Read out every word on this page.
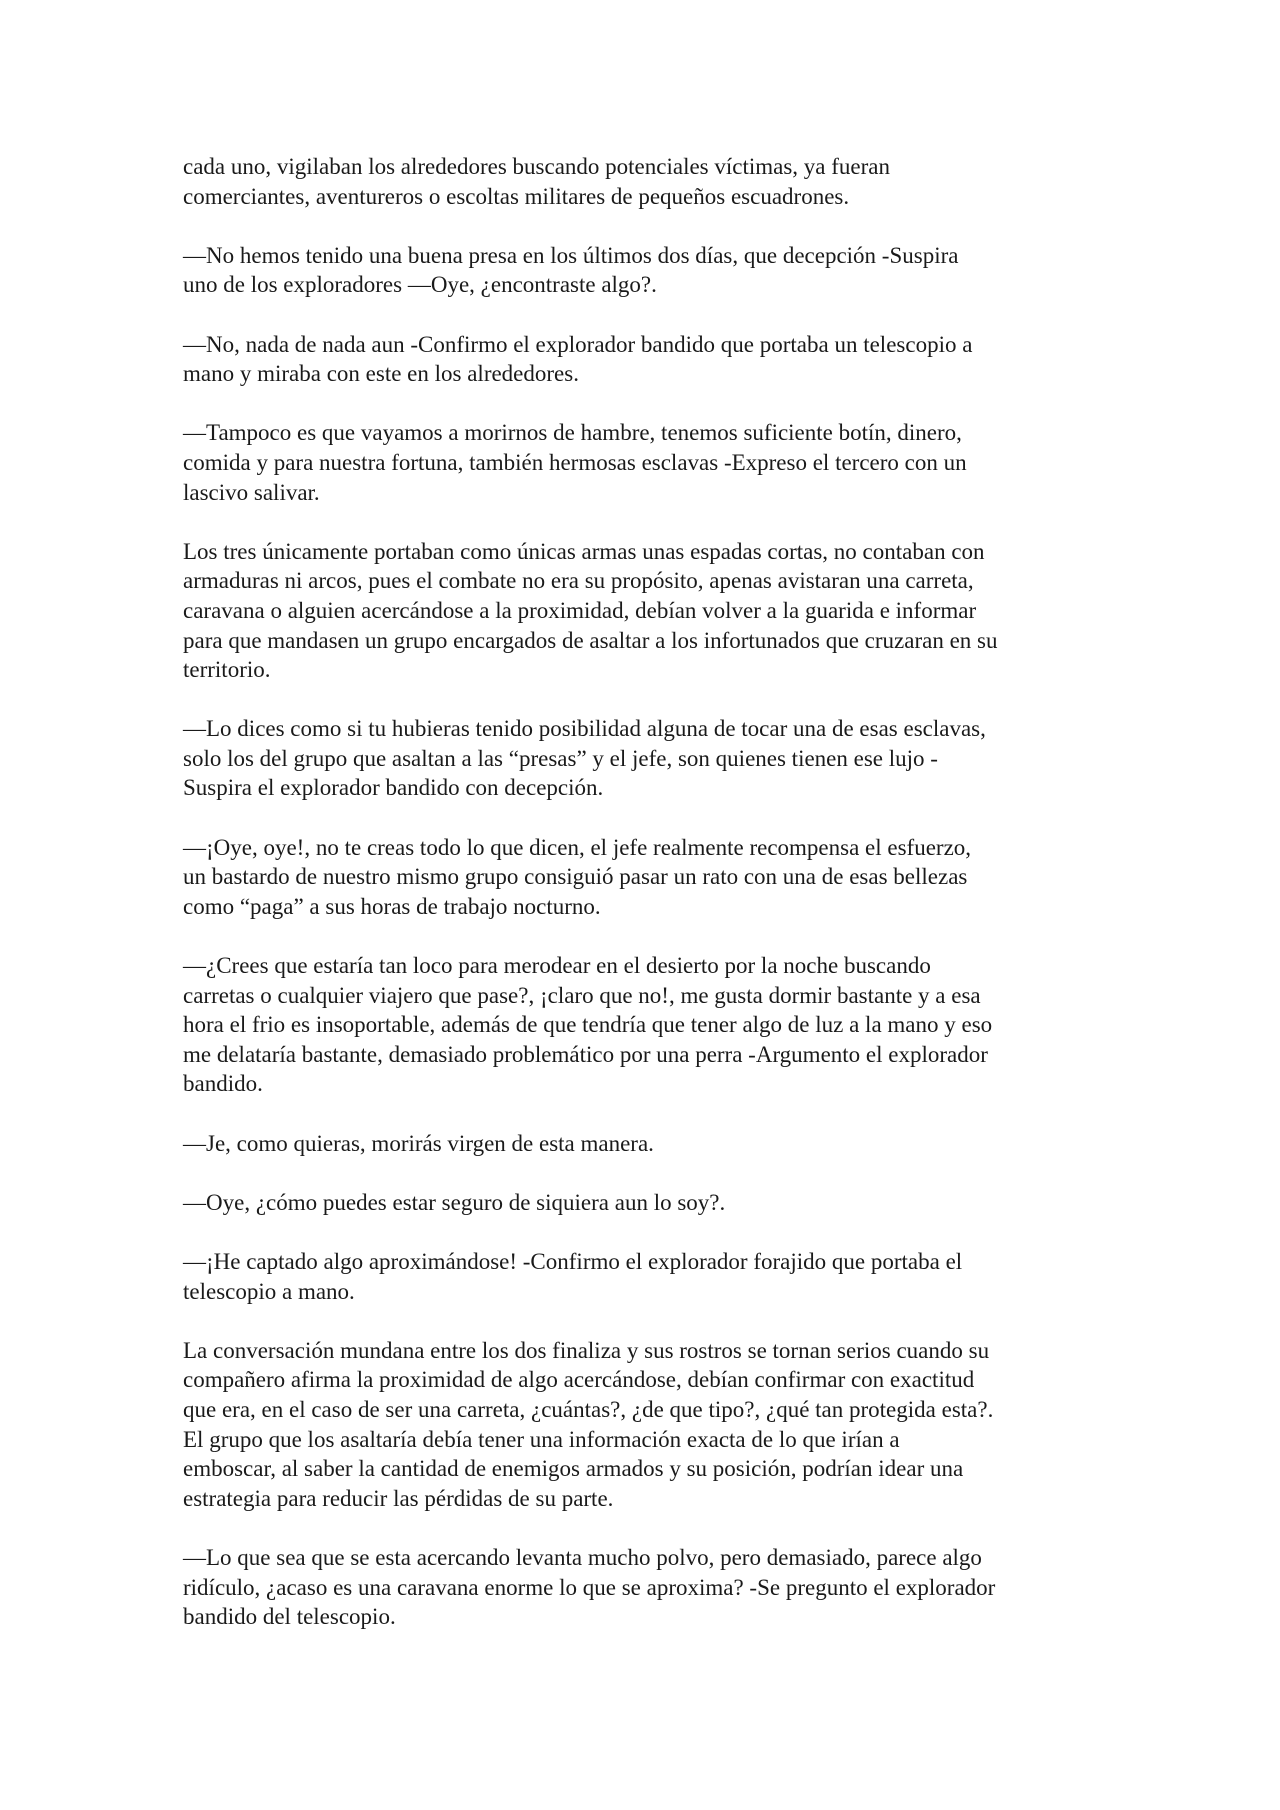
cada uno, vigilaban los alrededores buscando potenciales víctimas, ya fueran
comerciantes, aventureros o escoltas militares de pequeños escuadrones.

—No hemos tenido una buena presa en los últimos dos días, que decepción -Suspira
uno de los exploradores —Oye, ¿encontraste algo?.

—No, nada de nada aun -Confirmo el explorador bandido que portaba un telescopio a
mano y miraba con este en los alrededores.

—Tampoco es que vayamos a morirnos de hambre, tenemos suficiente botín, dinero,
comida y para nuestra fortuna, también hermosas esclavas -Expreso el tercero con un
lascivo salivar.

Los tres únicamente portaban como únicas armas unas espadas cortas, no contaban con
armaduras ni arcos, pues el combate no era su propósito, apenas avistaran una carreta,
caravana o alguien acercándose a la proximidad, debían volver a la guarida e informar
para que mandasen un grupo encargados de asaltar a los infortunados que cruzaran en su
territorio.

—Lo dices como si tu hubieras tenido posibilidad alguna de tocar una de esas esclavas,
solo los del grupo que asaltan a las “presas” y el jefe, son quienes tienen ese lujo -
Suspira el explorador bandido con decepción.

—¡Oye, oye!, no te creas todo lo que dicen, el jefe realmente recompensa el esfuerzo,
un bastardo de nuestro mismo grupo consiguió pasar un rato con una de esas bellezas
como “paga” a sus horas de trabajo nocturno.

—¿Crees que estaría tan loco para merodear en el desierto por la noche buscando
carretas o cualquier viajero que pase?, ¡claro que no!, me gusta dormir bastante y a esa
hora el frio es insoportable, además de que tendría que tener algo de luz a la mano y eso
me delataría bastante, demasiado problemático por una perra -Argumento el explorador
bandido.

—Je, como quieras, morirás virgen de esta manera.

—Oye, ¿cómo puedes estar seguro de siquiera aun lo soy?.

—¡He captado algo aproximándose! -Confirmo el explorador forajido que portaba el
telescopio a mano.

La conversación mundana entre los dos finaliza y sus rostros se tornan serios cuando su
compañero afirma la proximidad de algo acercándose, debían confirmar con exactitud
que era, en el caso de ser una carreta, ¿cuántas?, ¿de que tipo?, ¿qué tan protegida esta?.
El grupo que los asaltaría debía tener una información exacta de lo que irían a
emboscar, al saber la cantidad de enemigos armados y su posición, podrían idear una
estrategia para reducir las pérdidas de su parte.

—Lo que sea que se esta acercando levanta mucho polvo, pero demasiado, parece algo
ridículo, ¿acaso es una caravana enorme lo que se aproxima? -Se pregunto el explorador
bandido del telescopio.
